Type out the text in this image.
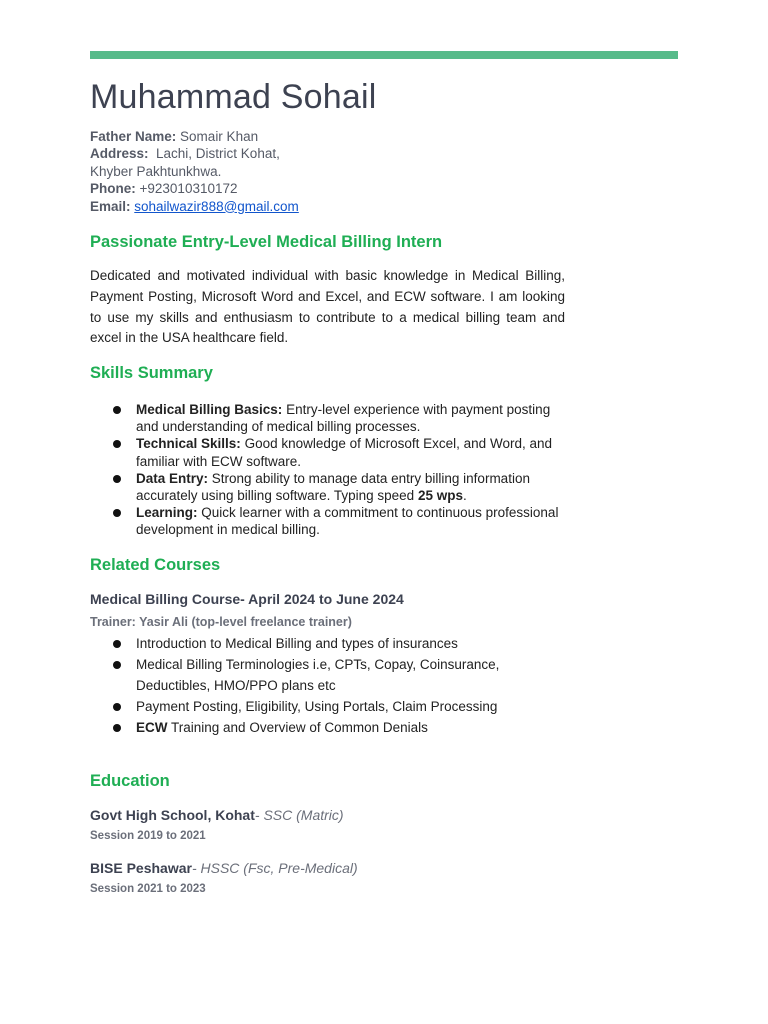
Muhammad Sohail
Father Name: Somair Khan
Address: Lachi, District Kohat,
Khyber Pakhtunkhwa.
Phone: +923010310172
Email: sohailwazir888@gmail.com
Passionate Entry-Level Medical Billing Intern

Dedicated and motivated individual with basic knowledge in Medical Billing, Payment Posting, Microsoft Word and Excel, and ECW software. I am looking to use my skills and enthusiasm to contribute to a medical billing team and excel in the USA healthcare field.

Skills Summary
Medical Billing Basics: Entry-level experience with payment posting and understanding of medical billing processes.
Technical Skills: Good knowledge of Microsoft Excel, and Word, and familiar with ECW software.
Data Entry: Strong ability to manage data entry billing information accurately using billing software. Typing speed 25 wps.
Learning: Quick learner with a commitment to continuous professional development in medical billing.
Related Courses
Medical Billing Course- April 2024 to June 2024
Trainer: Yasir Ali (top-level freelance trainer)
Introduction to Medical Billing and types of insurances
Medical Billing Terminologies i.e, CPTs, Copay, Coinsurance, Deductibles, HMO/PPO plans etc
Payment Posting, Eligibility, Using Portals, Claim Processing
ECW Training and Overview of Common Denials
Education
Govt High School, Kohat- SSC (Matric)
Session 2019 to 2021
BISE Peshawar- HSSC (Fsc, Pre-Medical)
Session 2021 to 2023
